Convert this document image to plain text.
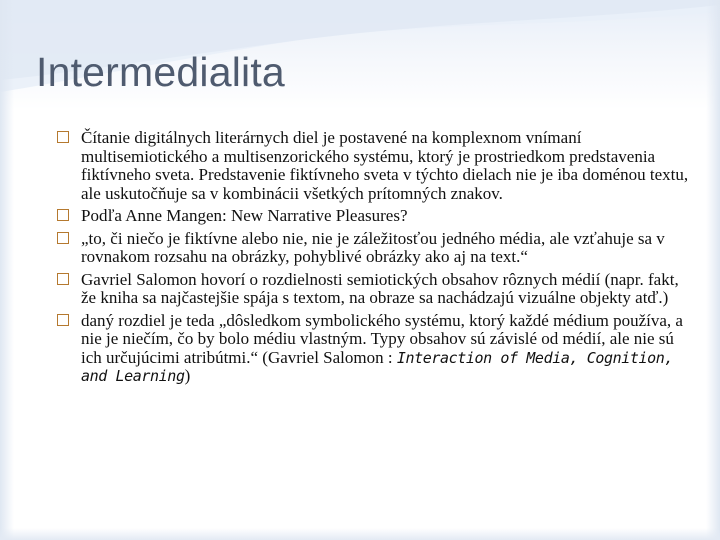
Intermedialita
Čítanie digitálnych literárnych diel je postavené na komplexnom vnímaní multisemiotického a multisenzorického systému, ktorý je prostriedkom predstavenia fiktívneho sveta. Predstavenie fiktívneho sveta v týchto dielach nie je iba doménou textu, ale uskutočňuje sa v kombinácii všetkých prítomných znakov.
Podľa Anne Mangen: New Narrative Pleasures?
„to, či niečo je fiktívne alebo nie, nie je záležitosťou jedného média, ale vzťahuje sa v rovnakom rozsahu na obrázky, pohyblivé obrázky ako aj na text.“
Gavriel Salomon hovorí o rozdielnosti semiotických obsahov rôznych médií (napr. fakt, že kniha sa najčastejšie spája s textom, na obraze sa nachádzajú vizuálne objekty atď.)
daný rozdiel je teda „dôsledkom symbolického systému, ktorý každé médium používa, a nie je niečím, čo by bolo médiu vlastným. Typy obsahov sú závislé od médií, ale nie sú ich určujúcimi atribútmi.“ (Gavriel Salomon : Interaction of Media, Cognition, and Learning)
